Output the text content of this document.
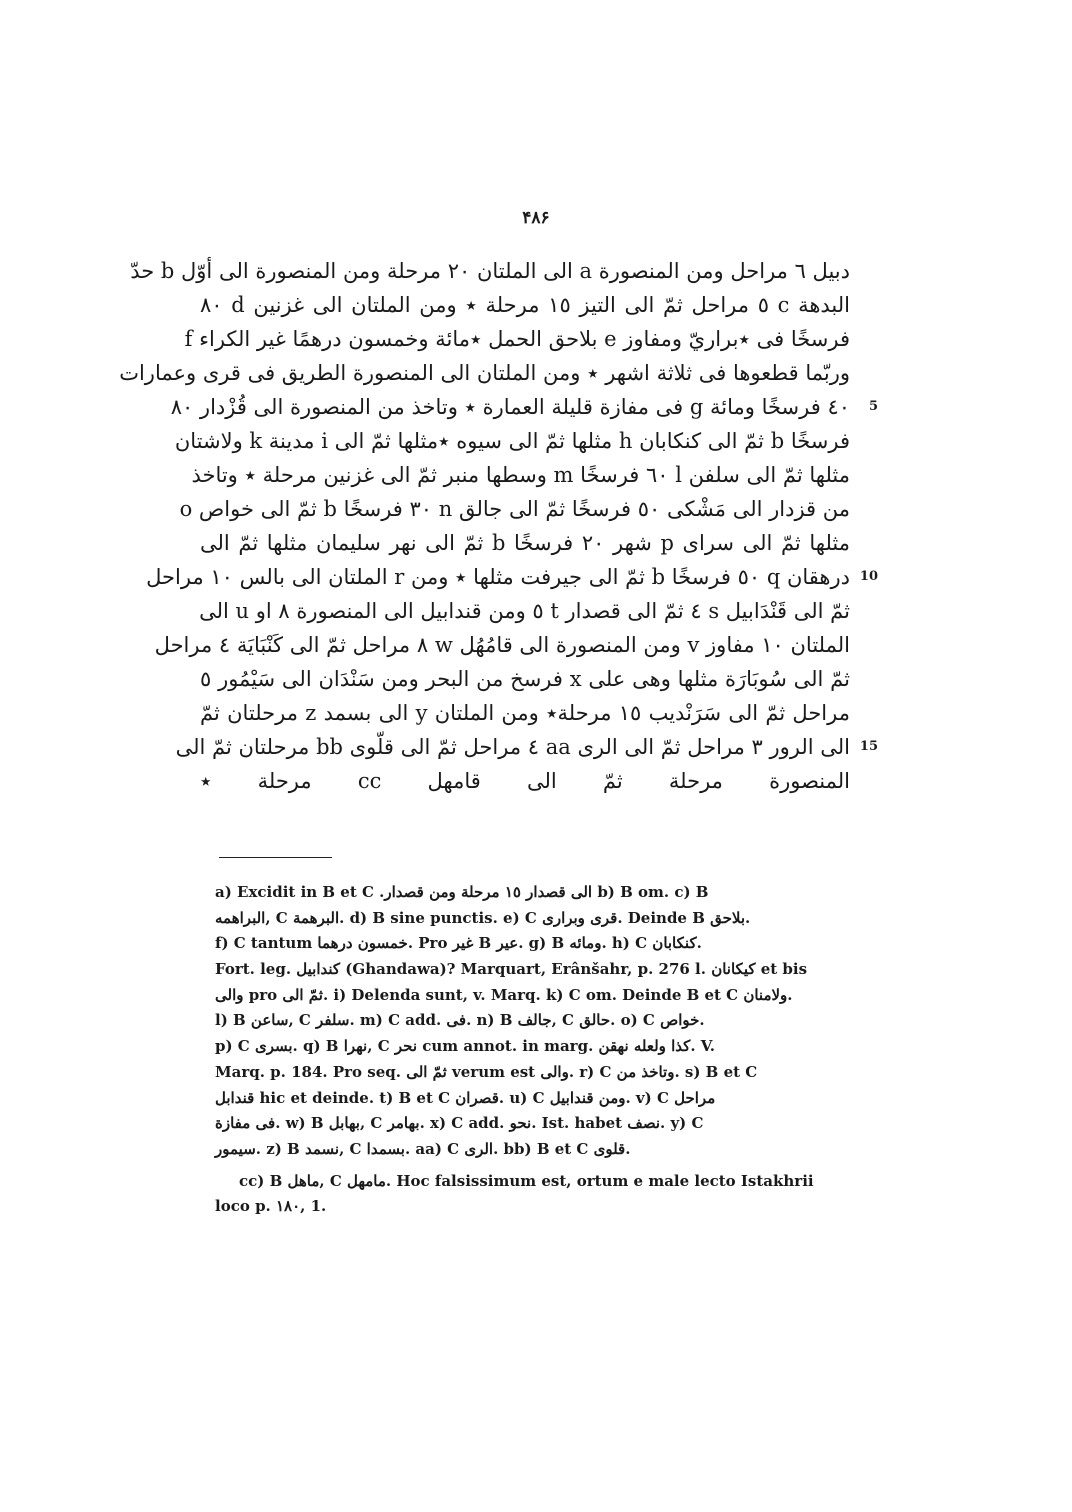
۴۸۶
دبيل ٦ مراحل ومن المنصورة a الى الملتان ٢٠ مرحلة ومن المنصورة الى أوّل b حدّ
البدهة c ٥ مراحل ثمّ الى التيز ١٥ مرحلة ٭ ومن الملتان الى غزنين d ٨٠
فرسخًا فى ٭براريّ ومفاوز e بلاحق الحمل ٭مائة وخمسون درهمًا غير الكراء f
وربّما قطعوها فى ثلاثة اشهر ٭ ومن الملتان الى المنصورة الطريق فى قرى وعمارات
٤٠ فرسخًا ومائة g فى مفازة قليلة العمارة ٭ وتاخذ من المنصورة الى قُزْدار ٨٠ 5
فرسخًا b ثمّ الى كنكابان h مثلها ثمّ الى سيوه ٭مثلها ثمّ الى i مدينة k ولاشتان
مثلها ثمّ الى سلفن l ٦٠ فرسخًا m وسطها منبر ثمّ الى غزنين مرحلة ٭ وتاخذ
من قزدار الى مَشْكى ٥٠ فرسخًا ثمّ الى جالق n ٣٠ فرسخًا b ثمّ الى خواص o
مثلها ثمّ الى سراى p شهر ٢٠ فرسخًا b ثمّ الى نهر سليمان مثلها ثمّ الى
درهقان q ٥٠ فرسخًا b ثمّ الى جيرفت مثلها ٭ ومن r الملتان الى بالس ١٠ مراحل 10
ثمّ الى قَنْدَابيل s ٤ ثمّ الى قصدار t ٥ ومن قندابيل الى المنصورة ٨ او u الى
الملتان ١٠ مفاوز v ومن المنصورة الى قامُهُل w ٨ مراحل ثمّ الى كَنْبَايَة ٤ مراحل
ثمّ الى سُوبَارَة مثلها وهى على x فرسخ من البحر ومن سَنْدَان الى سَيْمُور ٥
مراحل ثمّ الى سَرَنْديب ١٥ مرحلة٭ ومن الملتان y الى بسمد z مرحلتان ثمّ
الى الرور ٣ مراحل ثمّ الى الرى aa ٤ مراحل ثمّ الى قلّوى bb مرحلتان ثمّ الى 15
المنصورة مرحلة ثمّ الى قامهل cc مرحلة ٭
a) Excidit in B et C .الى قصدار ١٥ مرحلة ومن قصدار b) B om. c) B
البراهمه, C البرهمة. d) B sine punctis. e) C قرى وبرارى. Deinde B بلاحق.
f) C tantum خمسون درهما. Pro غير B عير. g) B ومائه. h) C كنكابان.
Fort. leg. كندابيل (Ghandawa)? Marquart, Erânšahr, p. 276 l. كيكانان et bis
والى pro ثمّ الى. i) Delenda sunt, v. Marq. k) C om. Deinde B et C ولامنان.
l) B ساعن, C سلفر. m) C add. فى. n) B جالف, C حالق. o) C خواص.
p) C بسرى. q) B نهرا, C نحر cum annot. in marg. كذا ولعله نهقن. V.
Marq. p. 184. Pro seq. ثمّ الى verum est والى. r) C وتاخذ من. s) B et C
قندابل hic et deinde. t) B et C قصران. u) C ومن قندابيل. v) C مراحل
فى مفازة. w) B بهابل, C بهامر. x) C add. نحو. Ist. habet نصف. y) C
سيمور. z) B نسمد, C بسمدا. aa) C الرى. bb) B et C قلوى.
cc) B ماهل, C مامهل. Hoc falsissimum est, ortum e male lecto Istakhrii
loco p. ١٨٠, 1.
